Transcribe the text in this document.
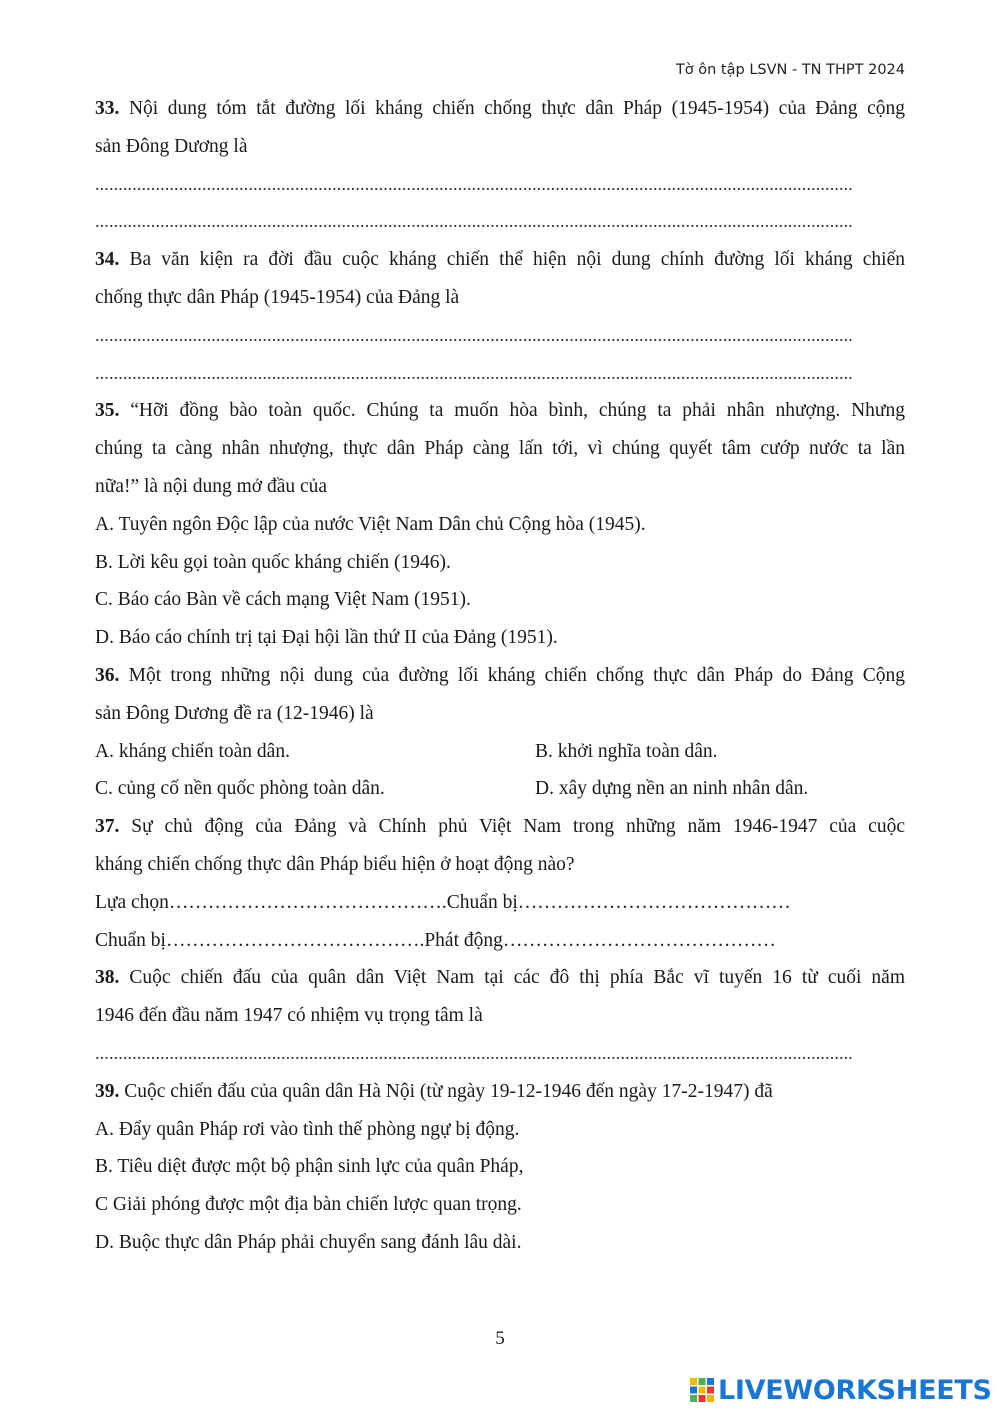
Tờ ôn tập LSVN - TN THPT 2024
33. Nội dung tóm tắt đường lối kháng chiến chống thực dân Pháp (1945-1954) của Đảng cộng
sản Đông Dương là
...................................................................................................................................................................
...................................................................................................................................................................
34. Ba văn kiện ra đời đầu cuộc kháng chiến thể hiện nội dung chính đường lối kháng chiến
chống thực dân Pháp (1945-1954) của Đảng là
...................................................................................................................................................................
...................................................................................................................................................................
35. “Hỡi đồng bào toàn quốc. Chúng ta muốn hòa bình, chúng ta phải nhân nhượng. Nhưng
chúng ta càng nhân nhượng, thực dân Pháp càng lấn tới, vì chúng quyết tâm cướp nước ta lần
nữa!” là nội dung mở đầu của
A. Tuyên ngôn Độc lập của nước Việt Nam Dân chủ Cộng hòa (1945).
B. Lời kêu gọi toàn quốc kháng chiến (1946).
C. Báo cáo Bàn về cách mạng Việt Nam (1951).
D. Báo cáo chính trị tại Đại hội lần thứ II của Đảng (1951).
36. Một trong những nội dung của đường lối kháng chiến chống thực dân Pháp do Đảng Cộng
sản Đông Dương đề ra (12-1946) là
A. kháng chiến toàn dân.	B. khởi nghĩa toàn dân.
C. củng cố nền quốc phòng toàn dân.	D. xây dựng nền an ninh nhân dân.
37. Sự chủ động của Đảng và Chính phủ Việt Nam trong những năm 1946-1947 của cuộc
kháng chiến chống thực dân Pháp biểu hiện ở hoạt động nào?
Lựa chọn…………………………………….Chuẩn bị……………………………………
Chuẩn bị………………………………….Phát động……………………………………
38. Cuộc chiến đấu của quân dân Việt Nam tại các đô thị phía Bắc vĩ tuyến 16 từ cuối năm
1946 đến đầu năm 1947 có nhiệm vụ trọng tâm là
...................................................................................................................................................................
39. Cuộc chiến đấu của quân dân Hà Nội (từ ngày 19-12-1946 đến ngày 17-2-1947) đã
A. Đẩy quân Pháp rơi vào tình thế phòng ngự bị động.
B. Tiêu diệt được một bộ phận sinh lực của quân Pháp,
C Giải phóng được một địa bàn chiến lược quan trọng.
D. Buộc thực dân Pháp phải chuyển sang đánh lâu dài.
5
LIVEWORKSHEETS
